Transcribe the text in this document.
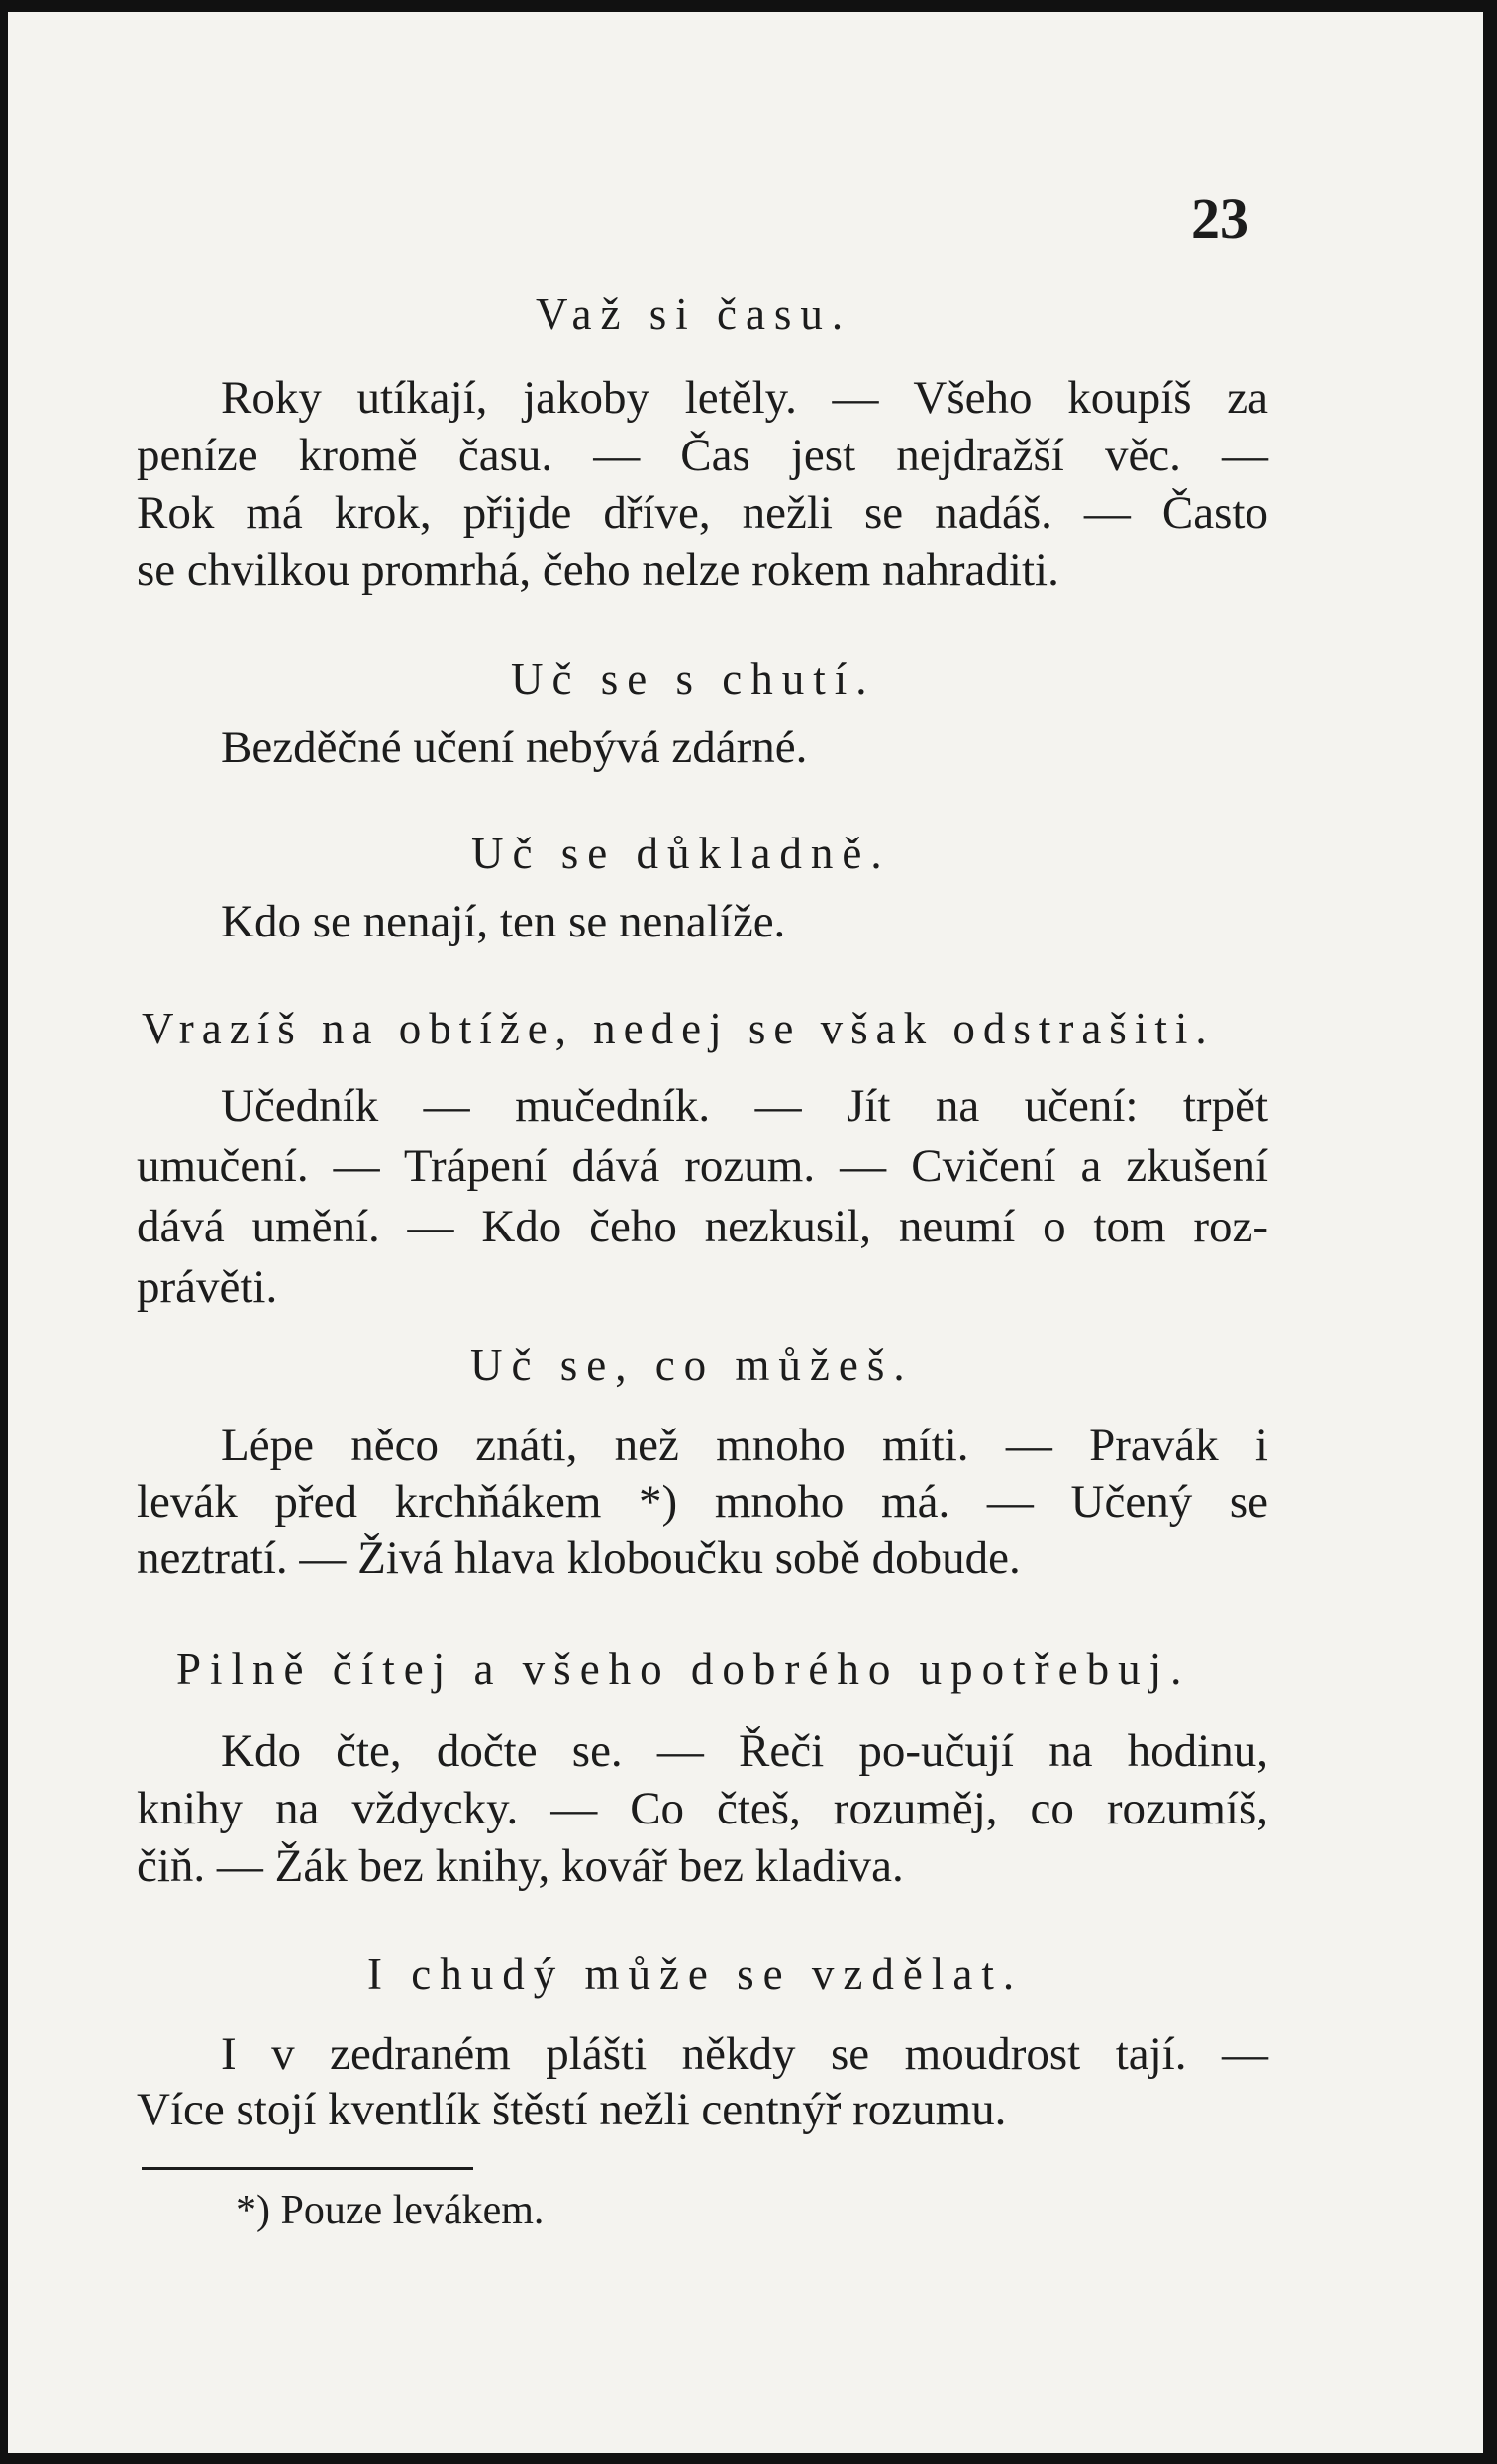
23
Važ si času.
Roky utíkají, jakoby letěly. — Všeho koupíš za
peníze kromě času. — Čas jest nejdražší věc. —
Rok má krok, přijde dříve, nežli se nadáš. — Často
se chvilkou promrhá, čeho nelze rokem nahraditi.
Uč se s chutí.
Bezděčné učení nebývá zdárné.
Uč se důkladně.
Kdo se nenají, ten se nenalíže.
Vrazíš na obtíže, nedej se však odstrašiti.
Učedník — mučedník. — Jít na učení: trpět
umučení. — Trápení dává rozum. — Cvičení a zkušení
dává umění. — Kdo čeho nezkusil, neumí o tom roz-
právěti.
Uč se, co můžeš.
Lépe něco znáti, než mnoho míti. — Pravák i
levák před krchňákem *) mnoho má. — Učený se
neztratí. — Živá hlava kloboučku sobě dobude.
Pilně čítej a všeho dobrého upotřebuj.
Kdo čte, dočte se. — Řeči po-učují na hodinu,
knihy na vždycky. — Co čteš, rozuměj, co rozumíš,
čiň. — Žák bez knihy, kovář bez kladiva.
I chudý může se vzdělat.
I v zedraném plášti někdy se moudrost tají. —
Více stojí kventlík štěstí nežli centnýř rozumu.
*) Pouze levákem.
